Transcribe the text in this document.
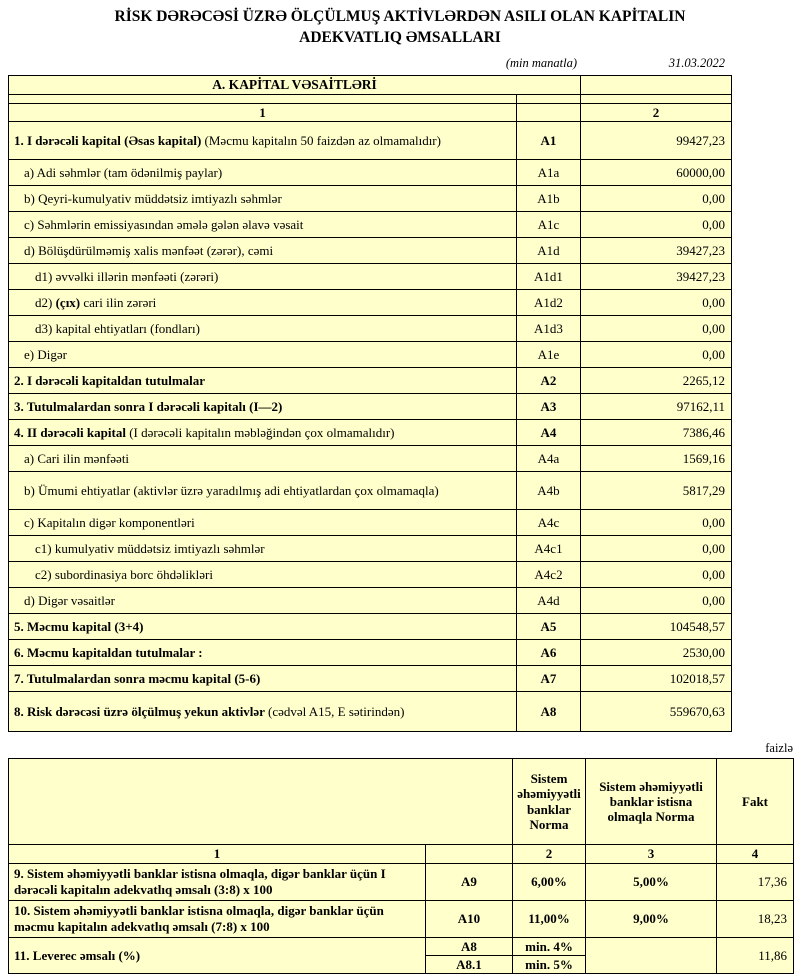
RİSK DƏRƏCƏSİ ÜZRƏ ÖLÇÜLMUŞ AKTİVLƏRDƏN ASILI OLAN KAPİTALIN
ADEKVATLIQ ƏMSALLARI
(min manatla)	31.03.2022
A. KAPİTAL VƏSAİTLƏRİ		

1		2
1. I dərəcəli kapital (Əsas kapital) (Məcmu kapitalın 50 faizdən az olmamalıdır)	A1	99427,23
a) Adi səhmlər (tam ödənilmiş paylar)	A1a	60000,00
b) Qeyri-kumulyativ müddətsiz imtiyazlı səhmlər	A1b	0,00
c) Səhmlərin emissiyasından əmələ gələn əlavə vəsait	A1c	0,00
d) Bölüşdürülməmiş xalis mənfəət (zərər), cəmi	A1d	39427,23
d1) əvvəlki illərin mənfəəti (zərəri)	A1d1	39427,23
d2) (çıx) cari ilin zərəri	A1d2	0,00
d3) kapital ehtiyatları (fondları)	A1d3	0,00
e) Digər	A1e	0,00
2. I dərəcəli kapitaldan tutulmalar	A2	2265,12
3. Tutulmalardan sonra I dərəcəli kapitalı (I—2)	A3	97162,11
4. II dərəcəli kapital (I dərəcəli kapitalın məbləğindən çox olmamalıdır)	A4	7386,46
a) Cari ilin mənfəəti	A4a	1569,16
b) Ümumi ehtiyatlar (aktivlər üzrə yaradılmış adi ehtiyatlardan çox olmamaqla)	A4b	5817,29
c) Kapitalın digər komponentləri	A4c	0,00
c1) kumulyativ müddətsiz imtiyazlı səhmlər	A4c1	0,00
c2) subordinasiya borc öhdəlikləri	A4c2	0,00
d) Digər vəsaitlər	A4d	0,00
5. Məcmu kapital (3+4)	A5	104548,57
6. Məcmu kapitaldan tutulmalar :	A6	2530,00
7. Tutulmalardan sonra məcmu kapital (5-6)	A7	102018,57
8. Risk dərəcəsi üzrə ölçülmuş yekun aktivlər (cədvəl A15, E sətirindən)	A8	559670,63
faizlə
		Sistem əhəmiyyətli banklar Norma	Sistem əhəmiyyətli banklar istisna olmaqla Norma	Fakt
1		2	3	4
9. Sistem əhəmiyyətli banklar istisna olmaqla, digər banklar üçün I dərəcəli kapitalın adekvatlıq əmsalı (3:8) x 100	A9	6,00%	5,00%	17,36
10. Sistem əhəmiyyətli banklar istisna olmaqla, digər banklar üçün məcmu kapitalın adekvatlıq əmsalı (7:8) x 100	A10	11,00%	9,00%	18,23
11. Leverec əmsalı (%)	A8	min. 4%		11,86
	A8.1	min. 5%		
